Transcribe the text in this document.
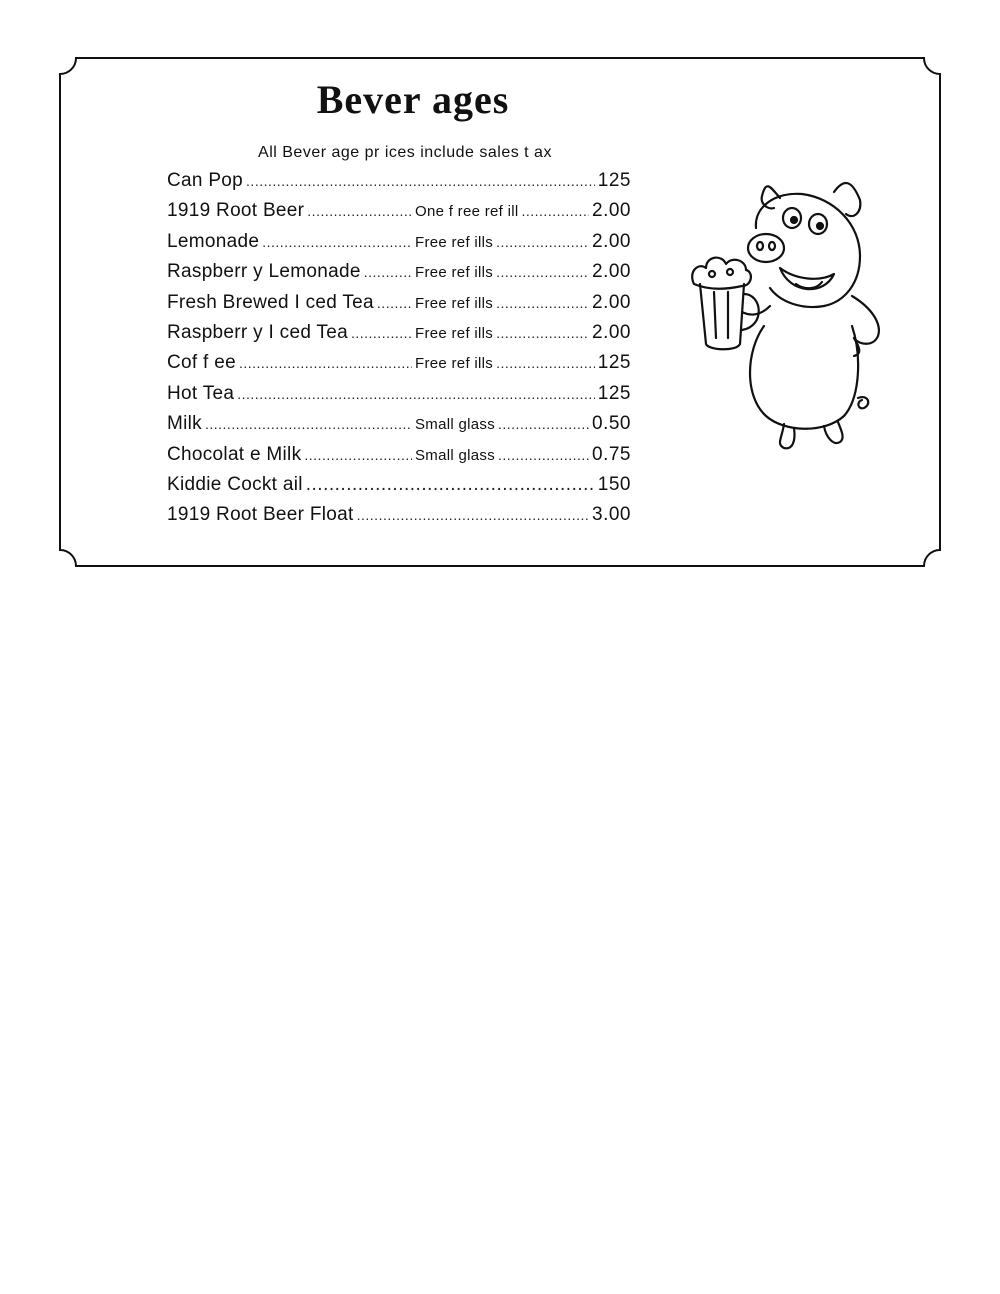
Bever ages
All Bever age pr ices include sales t ax
Can Pop .....	125
1919 Root Beer .....	One f ree ref ill .....	2.00
Lemonade .....	Free ref ills .....	2.00
Raspberr y Lemonade .....	Free ref ills .....	2.00
Fresh Brewed I ced Tea .....	Free ref ills .....	2.00
Raspberr y I ced Tea .....	Free ref ills .....	2.00
Cof f ee .....	Free ref ills .....	125
Hot Tea .....	125
Milk .....	Small glass .....	0.50
Chocolat e Milk .....	Small glass .....	0.75
Kiddie Cockt ail .....	150
1919 Root Beer Float .....	3.00
